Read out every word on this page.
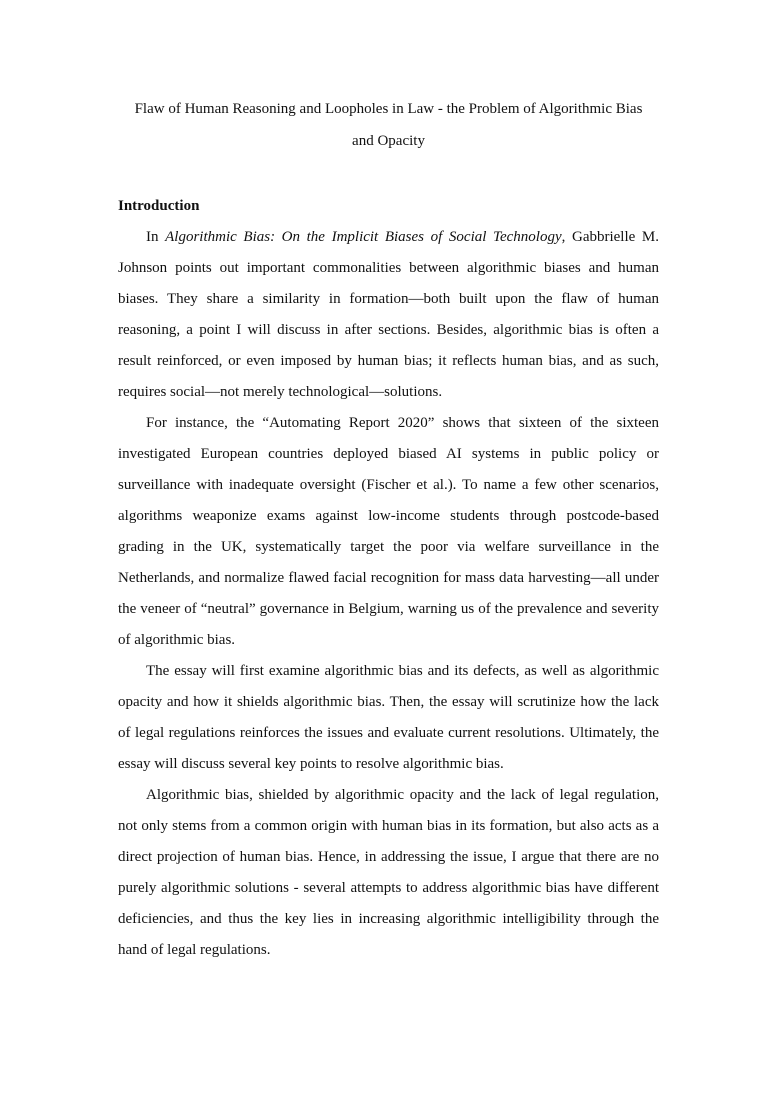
Flaw of Human Reasoning and Loopholes in Law - the Problem of Algorithmic Bias
and Opacity
Introduction

In Algorithmic Bias: On the Implicit Biases of Social Technology, Gabbrielle M. Johnson points out important commonalities between algorithmic biases and human biases. They share a similarity in formation—both built upon the flaw of human reasoning, a point I will discuss in after sections. Besides, algorithmic bias is often a result reinforced, or even imposed by human bias; it reflects human bias, and as such, requires social—not merely technological—solutions.

For instance, the “Automating Report 2020” shows that sixteen of the sixteen investigated European countries deployed biased AI systems in public policy or surveillance with inadequate oversight (Fischer et al.). To name a few other scenarios, algorithms weaponize exams against low-income students through postcode-based grading in the UK, systematically target the poor via welfare surveillance in the Netherlands, and normalize flawed facial recognition for mass data harvesting—all under the veneer of “neutral” governance in Belgium, warning us of the prevalence and severity of algorithmic bias.

The essay will first examine algorithmic bias and its defects, as well as algorithmic opacity and how it shields algorithmic bias. Then, the essay will scrutinize how the lack of legal regulations reinforces the issues and evaluate current resolutions. Ultimately, the essay will discuss several key points to resolve algorithmic bias.

Algorithmic bias, shielded by algorithmic opacity and the lack of legal regulation, not only stems from a common origin with human bias in its formation, but also acts as a direct projection of human bias. Hence, in addressing the issue, I argue that there are no purely algorithmic solutions - several attempts to address algorithmic bias have different deficiencies, and thus the key lies in increasing algorithmic intelligibility through the hand of legal regulations.
